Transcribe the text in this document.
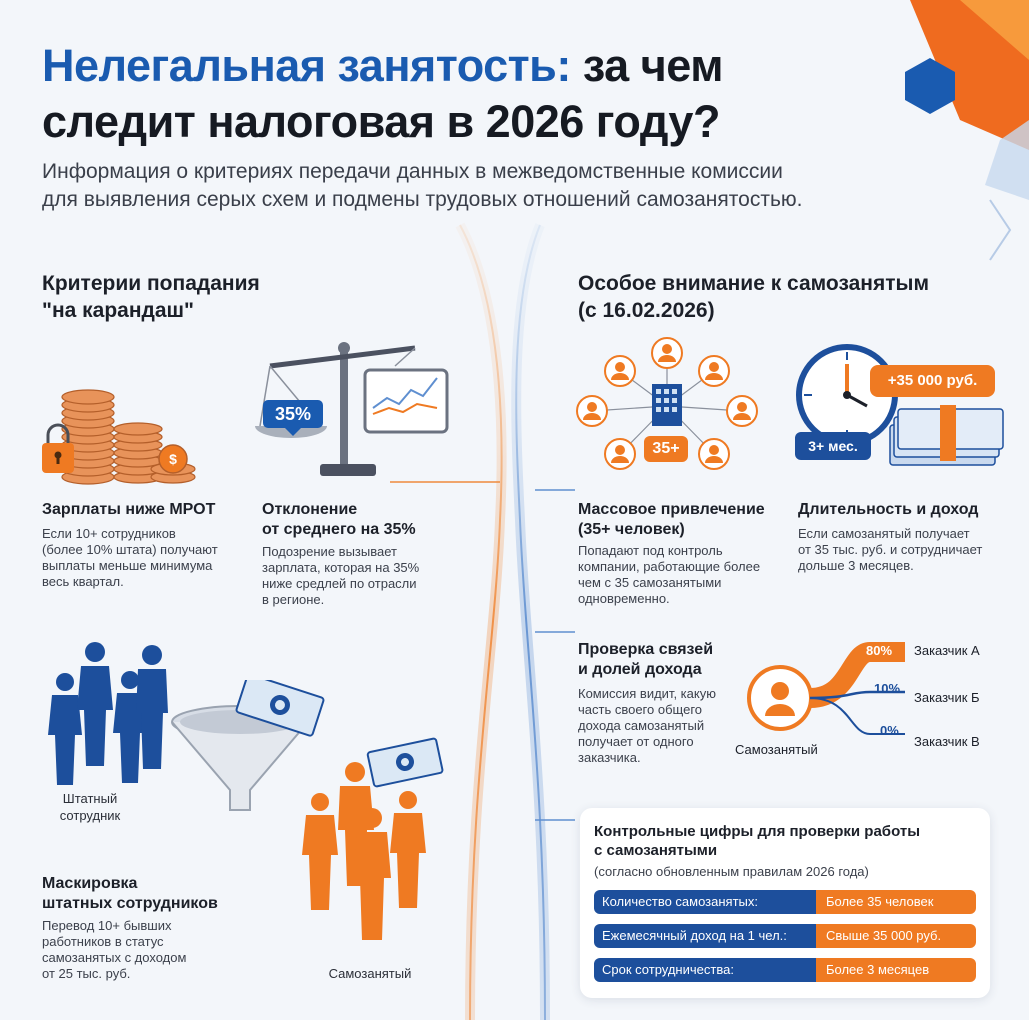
Нелегальная занятость: за чем
следит налоговая в 2026 году?
Информация о критериях передачи данных в межведомственные комиссии
для выявления серых схем и подмены трудовых отношений самозанятостью.
Критерии попадания
"на карандаш"
$
35%
Зарплаты ниже МРОТ
Если 10+ сотрудников
(более 10% штата) получают
выплаты меньше минимума
весь квартал.
Отклонение
от среднего на 35%
Подозрение вызывает
зарплата, которая на 35%
ниже средлей по отрасли
в регионе.
Штатный
сотрудник
Самозанятый
Маскировка
штатных сотрудников
Перевод 10+ бывших
работников в статус
самозанятых с доходом
от 25 тыс. руб.
Особое внимание к самозанятым
(с 16.02.2026)
35+
+35 000 руб.
3+ мес.
Массовое привлечение
(35+ человек)
Попадают под контроль
компании, работающие более
чем с 35 самозанятыми
одновременно.
Длительность и доход
Если самозанятый получает
от 35 тыс. руб. и сотрудничает
дольше 3 месяцев.
Проверка связей
и долей дохода
Комиссия видит, какую
часть своего общего
дохода самозанятый
получает от одного
заказчика.
Самозанятый
80%
10%
0%
Заказчик А
Заказчик Б
Заказчик В
Контрольные цифры для проверки работы
с самозанятыми
(согласно обновленным правилам 2026 года)
Количество самозанятых:	Более 35 человек
Ежемесячный доход на 1 чел.:	Свыше 35 000 руб.
Срок сотрудничества:	Более 3 месяцев
